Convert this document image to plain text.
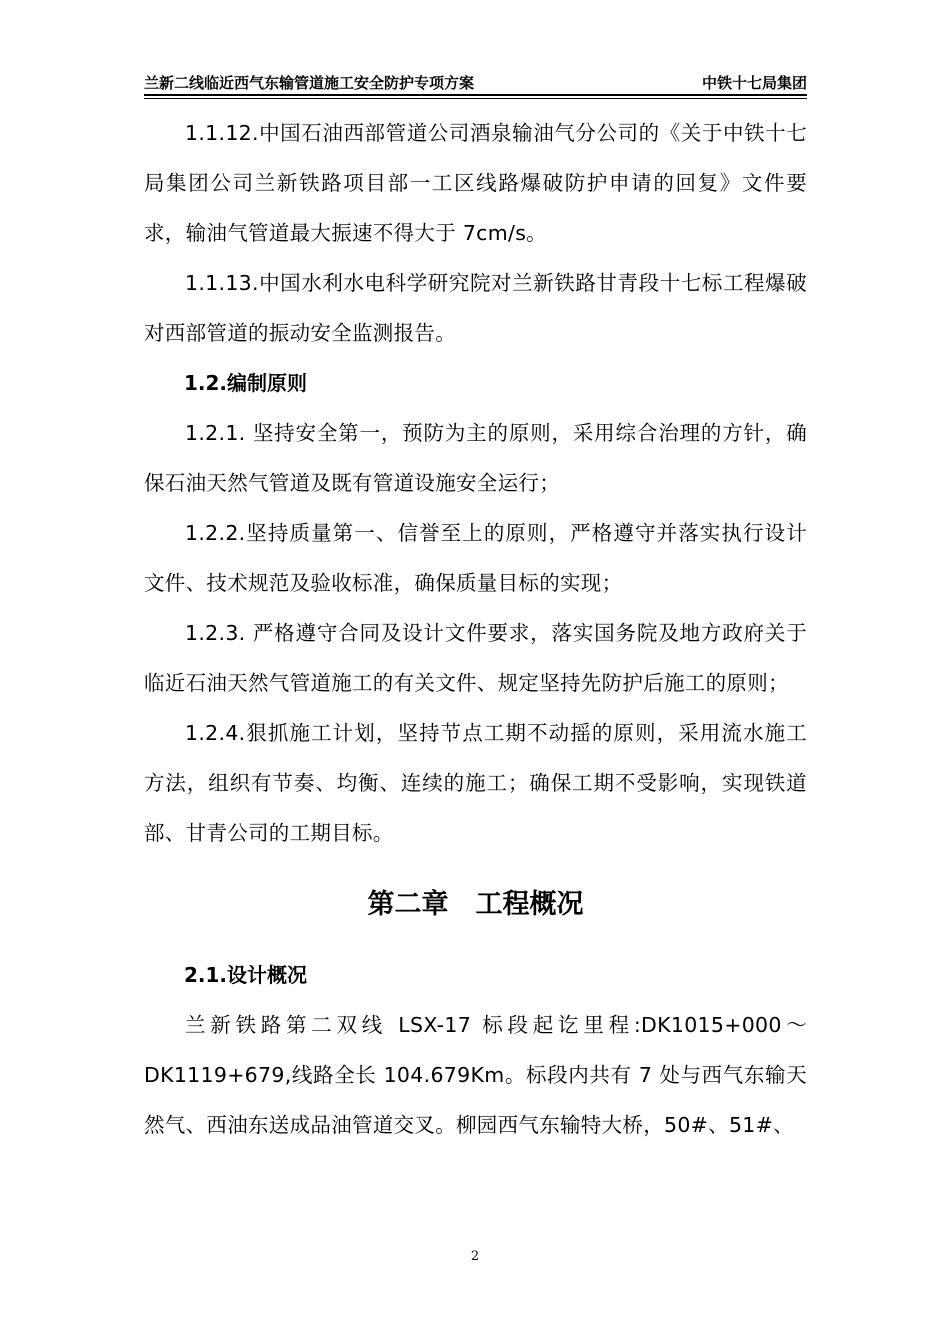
兰新二线临近西气东输管道施工安全防护专项方案	中铁十七局集团

1.1.12.中国石油西部管道公司酒泉输油气分公司的《关于中铁十七局集团公司兰新铁路项目部一工区线路爆破防护申请的回复》文件要求，输油气管道最大振速不得大于 7cm/s。

1.1.13.中国水利水电科学研究院对兰新铁路甘青段十七标工程爆破对西部管道的振动安全监测报告。

1.2.编制原则

1.2.1. 坚持安全第一，预防为主的原则，采用综合治理的方针，确保石油天然气管道及既有管道设施安全运行；

1.2.2.坚持质量第一、信誉至上的原则，严格遵守并落实执行设计文件、技术规范及验收标准，确保质量目标的实现；

1.2.3. 严格遵守合同及设计文件要求，落实国务院及地方政府关于临近石油天然气管道施工的有关文件、规定坚持先防护后施工的原则；

1.2.4.狠抓施工计划，坚持节点工期不动摇的原则，采用流水施工方法，组织有节奏、均衡、连续的施工；确保工期不受影响，实现铁道部、甘青公司的工期目标。

第二章　工程概况

2.1.设计概况

兰新铁路第二双线 LSX-17 标段起讫里程:DK1015+000～DK1119+679,线路全长 104.679Km。标段内共有 7 处与西气东输天然气、西油东送成品油管道交叉。柳园西气东输特大桥，50#、51#、

2
